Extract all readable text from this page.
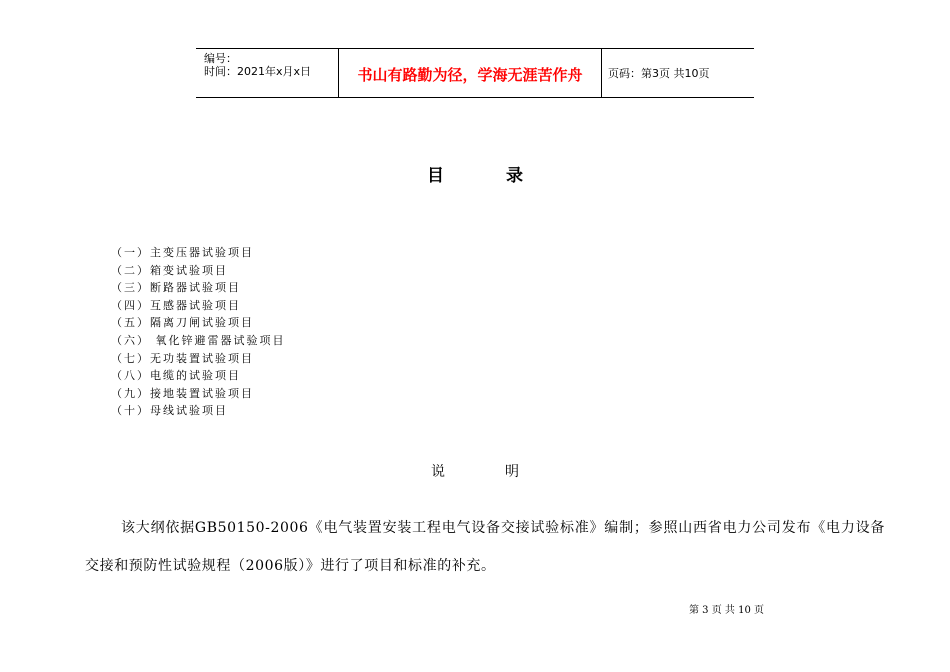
编号：
时间：2021年x月x日	书山有路勤为径，学海无涯苦作舟	页码：第3页 共10页
目录
（一）主变压器试验项目
（二）箱变试验项目
（三）断路器试验项目
（四）互感器试验项目
（五）隔离刀闸试验项目
（六） 氧化锌避雷器试验项目
（七）无功装置试验项目
（八）电缆的试验项目
（九）接地装置试验项目
（十）母线试验项目
说明

该大纲依据GB50150-2006《电气装置安装工程电气设备交接试验标准》编制；参照山西省电力公司发布《电力设备交接和预防性试验规程（2006版）》进行了项目和标准的补充。

第 3 页 共 10 页
